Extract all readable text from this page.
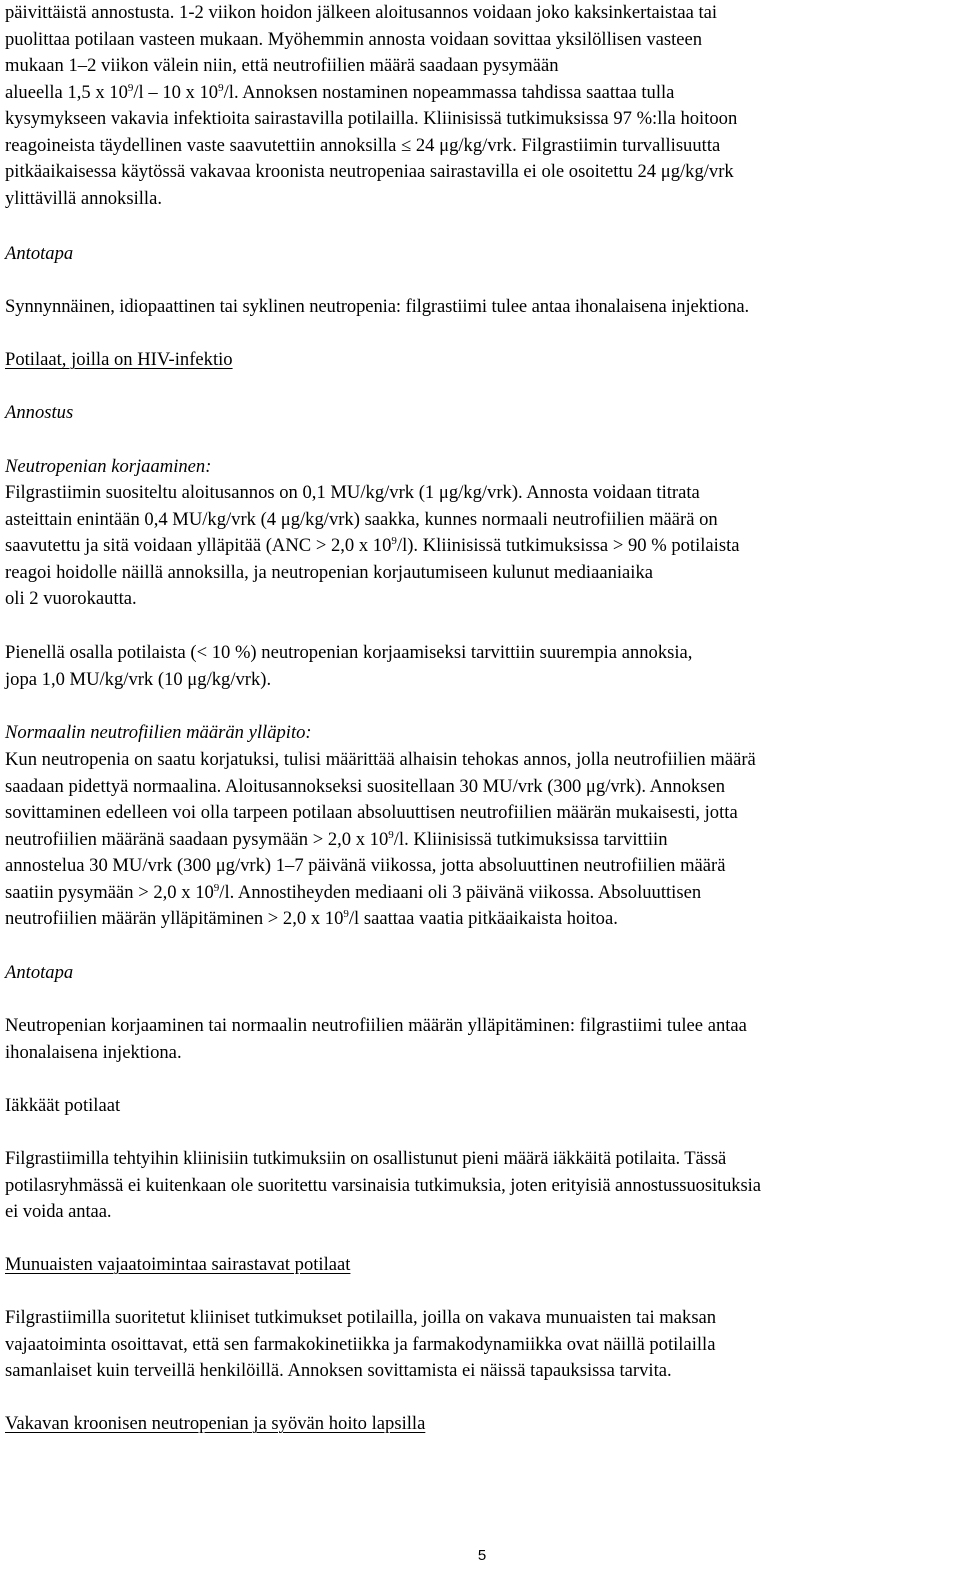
päivittäistä annostusta. 1-2 viikon hoidon jälkeen aloitusannos voidaan joko kaksinkertaistaa tai
puolittaa potilaan vasteen mukaan. Myöhemmin annosta voidaan sovittaa yksilöllisen vasteen
mukaan 1–2 viikon välein niin, että neutrofiilien määrä saadaan pysymään
alueella 1,5 x $10^9/l - 10$ x $10^9/l$. Annoksen nostaminen nopeammassa tahdissa saattaa tulla
kysymykseen vakavia infektioita sairastavilla potilailla. Kliinisissä tutkimuksissa 97 %:lla hoitoon
reagoineista täydellinen vaste saavutettiin annoksilla ≤ 24 μg/kg/vrk. Filgrastiimin turvallisuutta
pitkäaikaisessa käytössä vakavaa kroonista neutropeniaa sairastavilla ei ole osoitettu 24 μg/kg/vrk
ylittävillä annoksilla.
Antotapa
Synnynnäinen, idiopaattinen tai syklinen neutropenia: filgrastiimi tulee antaa ihonalaisena injektiona.
Potilaat, joilla on HIV-infektio
Annostus
Neutropenian korjaaminen:
Filgrastiimin suositeltu aloitusannos on 0,1 MU/kg/vrk (1 μg/kg/vrk). Annosta voidaan titrata
asteittain enintään 0,4 MU/kg/vrk (4 μg/kg/vrk) saakka, kunnes normaali neutrofiilien määrä on
saavutettu ja sitä voidaan ylläpitää (ANC > 2,0 x $10^9/l$). Kliinisissä tutkimuksissa > 90 % potilaista
reagoi hoidolle näillä annoksilla, ja neutropenian korjautumiseen kulunut mediaaniaika
oli 2 vuorokautta.
Pienellä osalla potilaista (< 10 %) neutropenian korjaamiseksi tarvittiin suurempia annoksia,
jopa 1,0 MU/kg/vrk (10 μg/kg/vrk).
Normaalin neutrofiilien määrän ylläpito:
Kun neutropenia on saatu korjatuksi, tulisi määrittää alhaisin tehokas annos, jolla neutrofiilien määrä
saadaan pidettyä normaalina. Aloitusannokseksi suositellaan 30 MU/vrk (300 μg/vrk). Annoksen
sovittaminen edelleen voi olla tarpeen potilaan absoluuttisen neutrofiilien määrän mukaisesti, jotta
neutrofiilien määränä saadaan pysymään > 2,0 x $10^9/l$. Kliinisissä tutkimuksissa tarvittiin
annostelua 30 MU/vrk (300 μg/vrk) 1–7 päivänä viikossa, jotta absoluuttinen neutrofiilien määrä
saatiin pysymään > 2,0 x $10^9/l$. Annostiheyden mediaani oli 3 päivänä viikossa. Absoluuttisen
neutrofiilien määrän ylläpitäminen > 2,0 x $10^9/l$ saattaa vaatia pitkäaikaista hoitoa.
Antotapa
Neutropenian korjaaminen tai normaalin neutrofiilien määrän ylläpitäminen: filgrastiimi tulee antaa
ihonalaisena injektiona.
Iäkkäät potilaat
Filgrastiimilla tehtyihin kliinisiin tutkimuksiin on osallistunut pieni määrä iäkkäitä potilaita. Tässä
potilasryhmässä ei kuitenkaan ole suoritettu varsinaisia tutkimuksia, joten erityisiä annostussuosituksia
ei voida antaa.
Munuaisten vajaatoimintaa sairastavat potilaat
Filgrastiimilla suoritetut kliiniset tutkimukset potilailla, joilla on vakava munuaisten tai maksan
vajaatoiminta osoittavat, että sen farmakokinetiikka ja farmakodynamiikka ovat näillä potilailla
samanlaiset kuin terveillä henkilöillä. Annoksen sovittamista ei näissä tapauksissa tarvita.
Vakavan kroonisen neutropenian ja syövän hoito lapsilla
5
